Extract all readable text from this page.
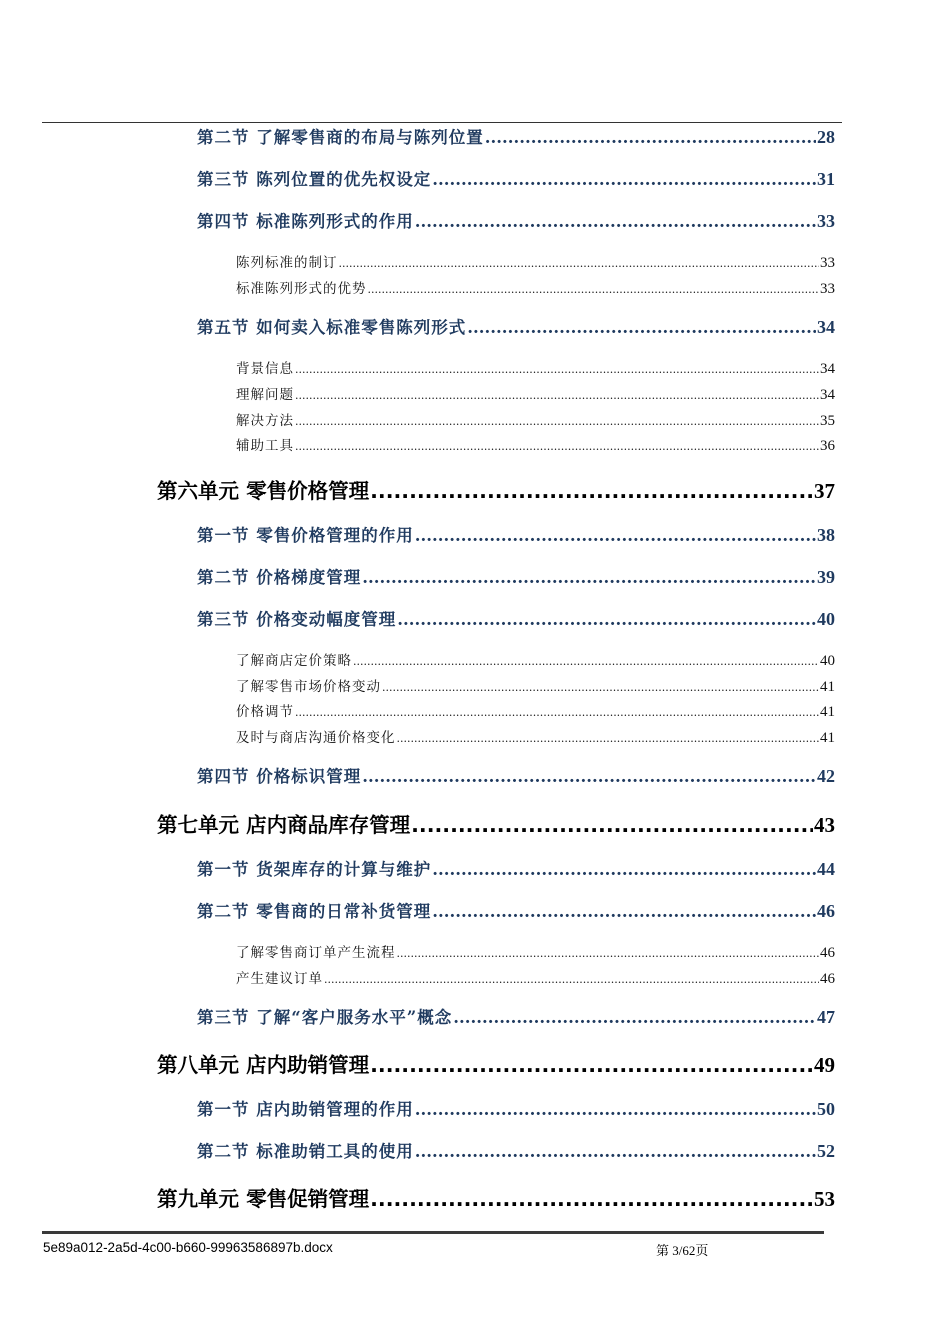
第二节 了解零售商的布局与陈列位置 .....	28
第三节 陈列位置的优先权设定 .....	31
第四节 标准陈列形式的作用 .....	33
陈列标准的制订 .....	33
标准陈列形式的优势 .....	33
第五节 如何卖入标准零售陈列形式 .....	34
背景信息 .....	34
理解问题 .....	34
解决方法 .....	35
辅助工具 .....	36
第六单元 零售价格管理 .....	37
第一节 零售价格管理的作用 .....	38
第二节 价格梯度管理 .....	39
第三节 价格变动幅度管理 .....	40
了解商店定价策略 .....	40
了解零售市场价格变动 .....	41
价格调节 .....	41
及时与商店沟通价格变化 .....	41
第四节 价格标识管理 .....	42
第七单元 店内商品库存管理 .....	43
第一节 货架库存的计算与维护 .....	44
第二节 零售商的日常补货管理 .....	46
了解零售商订单产生流程 .....	46
产生建议订单 .....	46
第三节 了解“客户服务水平”概念 .....	47
第八单元 店内助销管理 .....	49
第一节 店内助销管理的作用 .....	50
第二节 标准助销工具的使用 .....	52
第九单元 零售促销管理 .....	53
5e89a012-2a5d-4c00-b660-99963586897b.docx	第 3/62页
